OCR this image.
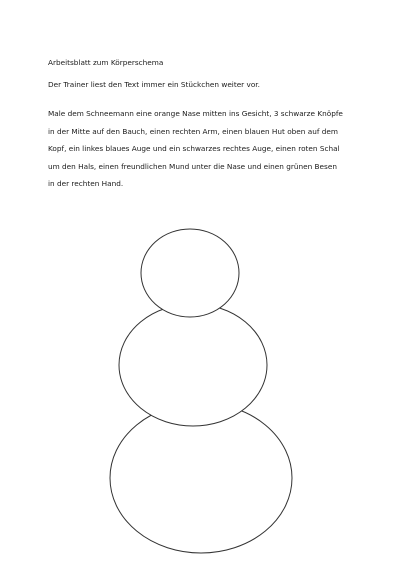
Arbeitsblatt zum Körperschema
Der Trainer liest den Text immer ein Stückchen weiter vor.
Male dem Schneemann eine orange Nase mitten ins Gesicht, 3 schwarze Knöpfe
in der Mitte auf den Bauch, einen rechten Arm, einen blauen Hut oben auf dem
Kopf, ein linkes blaues Auge und ein schwarzes rechtes Auge, einen roten Schal
um den Hals, einen freundlichen Mund unter die Nase und einen grünen Besen
in der rechten Hand.
